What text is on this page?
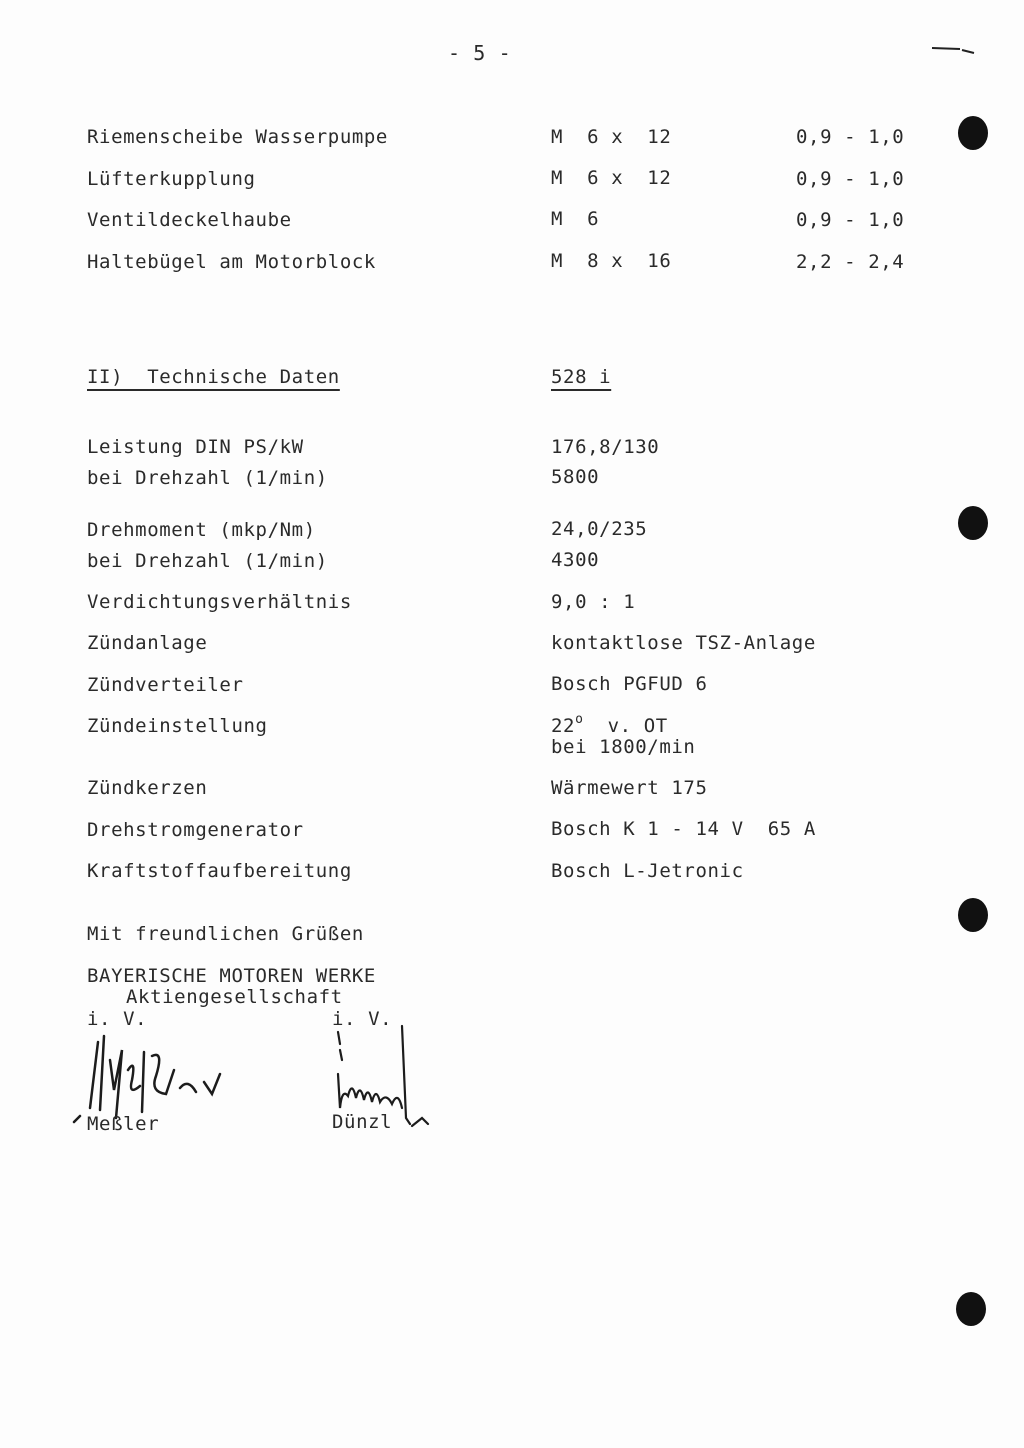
- 5 -
Riemenscheibe Wasserpumpe	M  6 x  12	0,9 - 1,0
Lüfterkupplung	M  6 x  12	0,9 - 1,0
Ventildeckelhaube	M  6	0,9 - 1,0
Haltebügel am Motorblock	M  8 x  16	2,2 - 2,4
II)  Technische Daten	528 i
Leistung DIN PS/kW	176,8/130
bei Drehzahl (1/min)	5800
Drehmoment (mkp/Nm)	24,0/235
bei Drehzahl (1/min)	4300
Verdichtungsverhältnis	9,0 : 1
Zündanlage	kontaktlose TSZ-Anlage
Zündverteiler	Bosch PGFUD 6
Zündeinstellung	22$^o$  v. OT
bei 1800/min
Zündkerzen	Wärmewert 175
Drehstromgenerator	Bosch K 1 - 14 V  65 A
Kraftstoffaufbereitung	Bosch L-Jetronic
Mit freundlichen Grüßen
BAYERISCHE MOTOREN WERKE
Aktiengesellschaft
i. V.	i. V.
Meßler	Dünzl
